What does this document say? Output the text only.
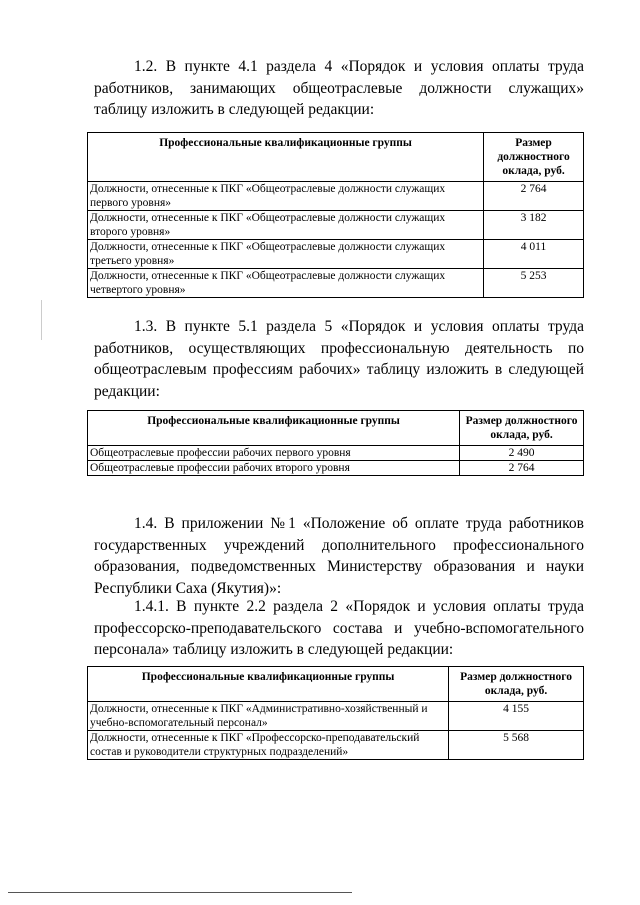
1.2. В пункте 4.1 раздела 4 «Порядок и условия оплаты труда работников, занимающих общеотраслевые должности служащих» таблицу изложить в следующей редакции:
Профессиональные квалификационные группы	Размер должностного оклада, руб.
Должности, отнесенные к ПКГ «Общеотраслевые должности служащих первого уровня»	2 764
Должности, отнесенные к ПКГ «Общеотраслевые должности служащих второго уровня»	3 182
Должности, отнесенные к ПКГ «Общеотраслевые должности служащих третьего уровня»	4 011
Должности, отнесенные к ПКГ «Общеотраслевые должности служащих четвертого уровня»	5 253
1.3. В пункте 5.1 раздела 5 «Порядок и условия оплаты труда работников, осуществляющих профессиональную деятельность по общеотраслевым профессиям рабочих» таблицу изложить в следующей редакции:
Профессиональные квалификационные группы	Размер должностного оклада, руб.
Общеотраслевые профессии рабочих первого уровня	2 490
Общеотраслевые профессии рабочих второго уровня	2 764
1.4. В приложении №1 «Положение об оплате труда работников государственных учреждений дополнительного профессионального образования, подведомственных Министерству образования и науки Республики Саха (Якутия)»:
1.4.1. В пункте 2.2 раздела 2 «Порядок и условия оплаты труда профессорско-преподавательского состава и учебно-вспомогательного персонала» таблицу изложить в следующей редакции:
Профессиональные квалификационные группы	Размер должностного оклада, руб.
Должности, отнесенные к ПКГ «Административно-хозяйственный и учебно-вспомогательный персонал»	4 155
Должности, отнесенные к ПКГ «Профессорско-преподавательский состав и руководители структурных подразделений»	5 568
